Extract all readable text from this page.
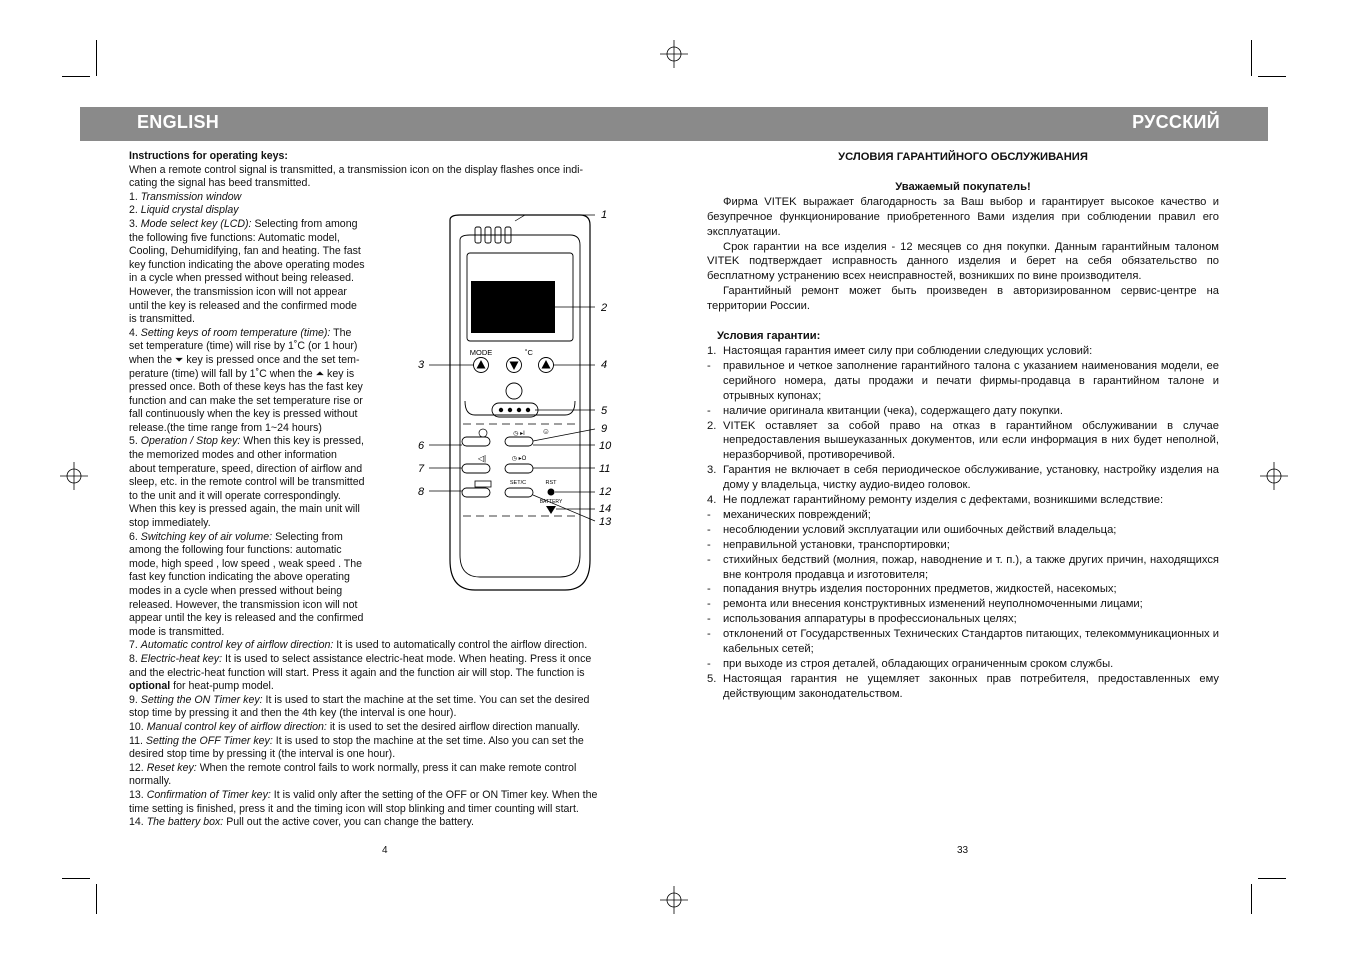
ENGLISH	РУССКИЙ

Instructions for operating keys:

When a remote control signal is transmitted, a transmission icon on the display flashes once indi-

cating the signal has beed transmitted.

1. Transmission window

2. Liquid crystal display

3. Mode select key (LCD): Selecting from among

the following five functions: Automatic model,

Cooling, Dehumidifying, fan and heating. The fast

key function indicating the above operating modes

in a cycle when pressed without being released.

However, the transmission icon will not appear

until the key is released and the confirmed mode

is transmitted.

4. Setting keys of room temperature (time): The

set temperature (time) will rise by 1˚C (or 1 hour)

when the ⏷ key is pressed once and the set tem-

perature (time) will fall by 1˚C when the ⏶ key is

pressed once. Both of these keys has the fast key

function and can make the set temperature rise or

fall continuously when the key is pressed without

release.(the time range from 1~24 hours)

5. Operation / Stop key: When this key is pressed,

the memorized modes and other information

about temperature, speed, direction of airflow and

sleep, etc. in the remote control will be transmitted

to the unit and it will operate correspondingly.

When this key is pressed again, the main unit will

stop immediately.

6. Switching key of air volume: Selecting from

among the following four functions: automatic

mode, high speed , low speed , weak speed . The

fast key function indicating the above operating

modes in a cycle when pressed without being

released. However, the transmission icon will not

appear until the key is released and the confirmed

mode is transmitted.

7. Automatic control key of airflow direction: It is used to automatically control the airflow direction.

8. Electric-heat key: It is used to select assistance electric-heat mode. When heating. Press it once

and the electric-heat function will start. Press it again and the function air will stop. The function is

optional for heat-pump model.

9. Setting the ON Timer key: It is used to start the machine at the set time. You can set the desired

stop time by pressing it and then the 4th key (the interval is one hour).

10. Manual control key of airflow direction: it is used to set the desired airflow direction manually.

11. Setting the OFF Timer key: It is used to stop the machine at the set time. Also you can set the

desired stop time by pressing it (the interval is one hour).

12. Reset key: When the remote control fails to work normally, press it can make remote control

normally.

13. Confirmation of Timer key: It is valid only after the setting of the OFF or ON Timer key. When the

time setting is finished, press it and the timing icon will stop blinking and timer counting will start.

14. The battery box: Pull out the active cover, you can change the battery.

MODE	˚C
◷ ▸I ☺
◁|	◷ ▸O
SET/C	RST
BATTERY
1
2
3	4
5
6
7
8
9
10
11
12
13
14

УСЛОВИЯ ГАРАНТИЙНОГО ОБСЛУЖИВАНИЯ

Уважаемый покупатель!

Фирма VITEK выражает благодарность за Ваш выбор и гарантирует высокое качество и безупречное функционирование приобретенного Вами изделия при соблюдении правил его эксплуатации.

Срок гарантии на все изделия - 12 месяцев со дня покупки. Данным гарантийным талоном VITEK подтверждает исправность данного изделия и берет на себя обязательство по бесплатному устранению всех неисправностей, возникших по вине производителя.

Гарантийный ремонт может быть произведен в авторизированном сервис-центре на территории России.

Условия гарантии:

1. Настоящая гарантия имеет силу при соблюдении следующих условий:

- правильное и четкое заполнение гарантийного талона с указанием наименования модели, ее серийного номера, даты продажи и печати фирмы-продавца в гарантийном талоне и отрывных купонах;

- наличие оригинала квитанции (чека), содержащего дату покупки.

2. VITEK оставляет за собой право на отказ в гарантийном обслуживании в случае непредоставления вышеуказанных документов, или если информация в них будет неполной, неразборчивой, противоречивой.

3. Гарантия не включает в себя периодическое обслуживание, установку, настройку изделия на дому у владельца, чистку аудио-видео головок.

4. Не подлежат гарантийному ремонту изделия с дефектами, возникшими вследствие:

- механических повреждений;

- несоблюдении условий эксплуатации или ошибочных действий владельца;

- неправильной установки, транспортировки;

- стихийных бедствий (молния, пожар, наводнение и т. п.), а также других причин, находящихся вне контроля продавца и изготовителя;

- попадания внутрь изделия посторонних предметов, жидкостей, насекомых;

- ремонта или внесения конструктивных изменений неуполномоченными лицами;

- использования аппаратуры в профессиональных целях;

- отклонений от Государственных Технических Стандартов питающих, телекоммуникационных и кабельных сетей;

- при выходе из строя деталей, обладающих ограниченным сроком службы.

5. Настоящая гарантия не ущемляет законных прав потребителя, предоставленных ему действующим законодательством.

4	33
